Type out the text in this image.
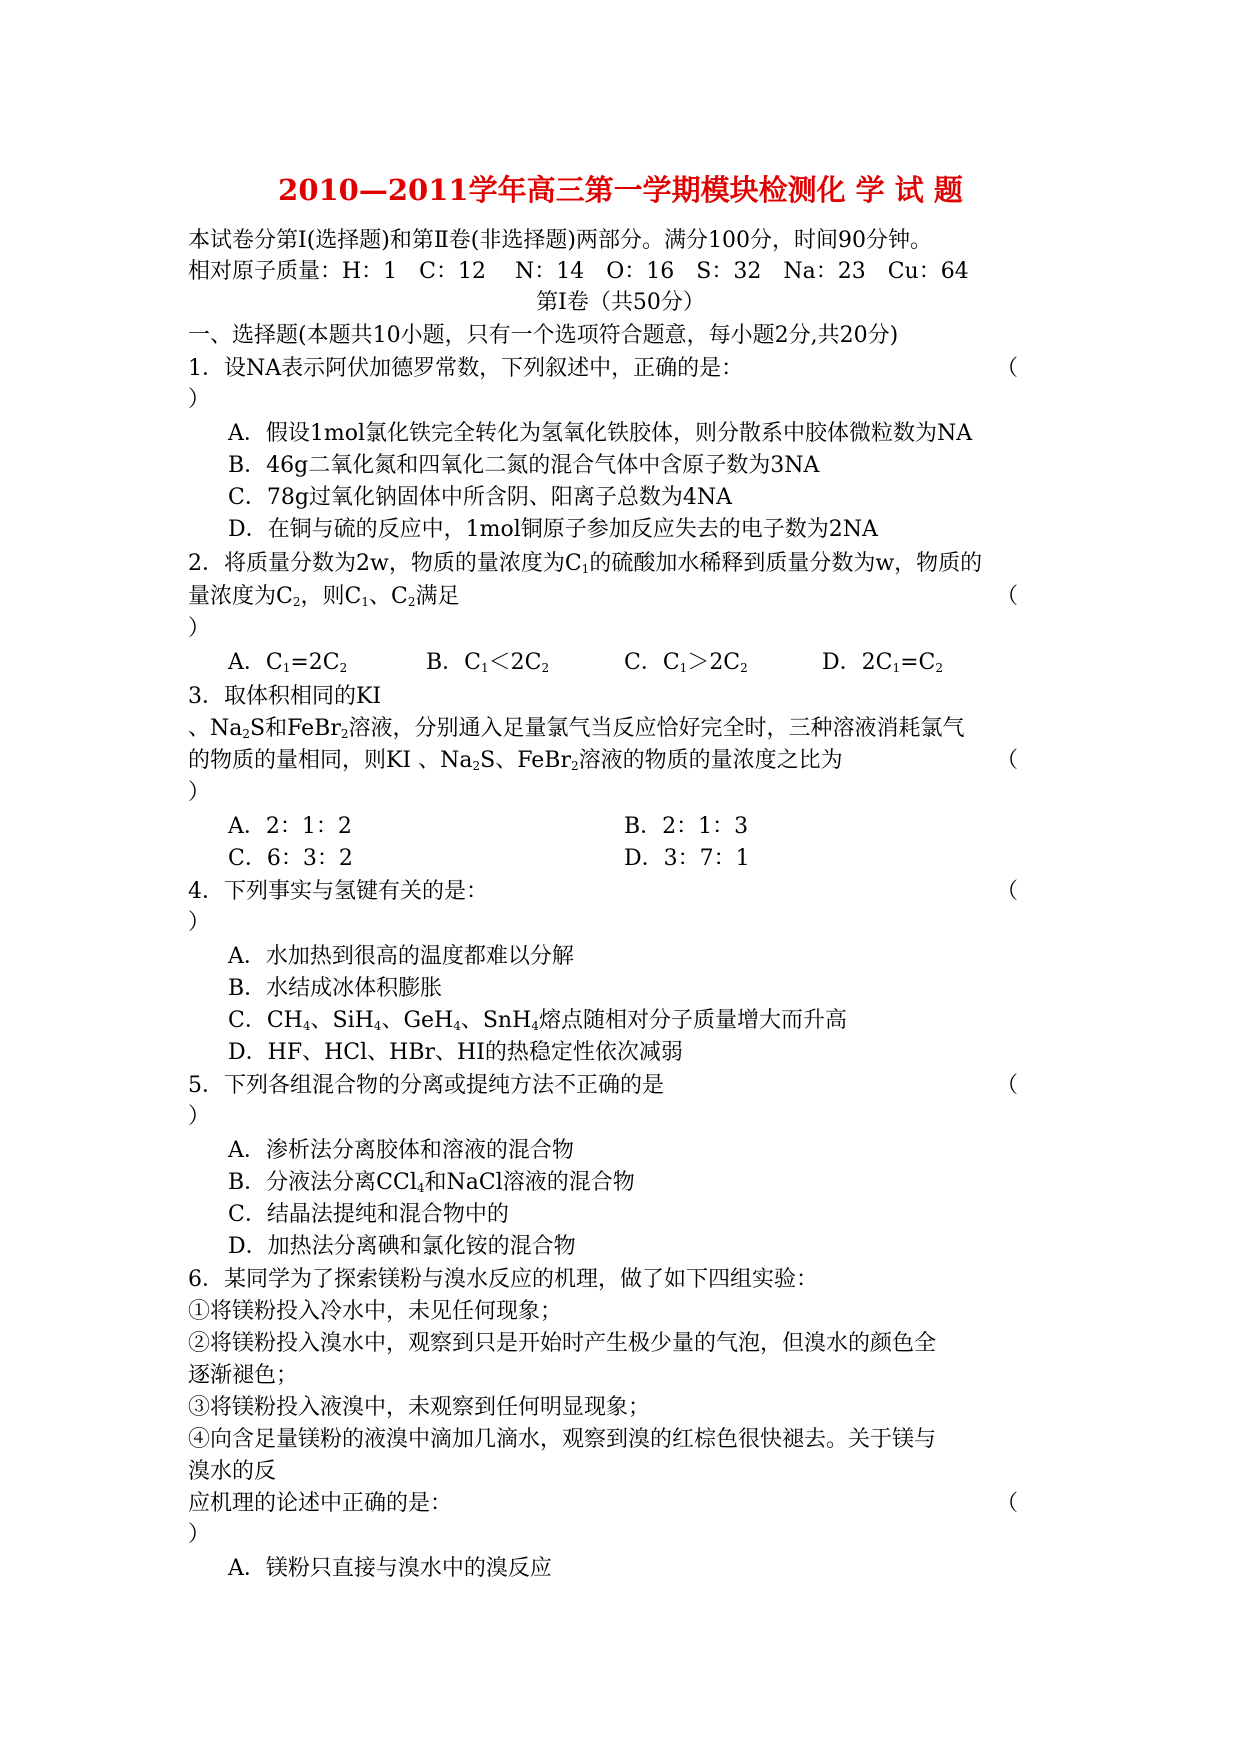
2010—2011学年高三第一学期模块检测化 学 试 题
本试卷分第Ⅰ(选择题)和第Ⅱ卷(非选择题)两部分。满分100分，时间90分钟。
相对原子质量：H：1　C：12　 N：14　O：16　S：32　Na：23　Cu：64
第Ⅰ卷（共50分）
一、选择题(本题共10小题，只有一个选项符合题意，每小题2分,共20分)
1．设NA表示阿伏加德罗常数，下列叙述中，正确的是：	（
）
A．假设1mol氯化铁完全转化为氢氧化铁胶体，则分散系中胶体微粒数为NA
B．46g二氧化氮和四氧化二氮的混合气体中含原子数为3NA
C．78g过氧化钠固体中所含阴、阳离子总数为4NA
D．在铜与硫的反应中，1mol铜原子参加反应失去的电子数为2NA
2．将质量分数为2w，物质的量浓度为$C_1$的硫酸加水稀释到质量分数为w，物质的
量浓度为$C_2$，则$C_1$、$C_2$满足	（
）
A．$C_1=2C_2$	B．$C_1<2C_2$	C．$C_1>2C_2$	D．$2C_1=C_2$
3．取体积相同的KI
、$Na_2S$和FeBr$_2$溶液，分别通入足量氯气当反应恰好完全时，三种溶液消耗氯气
的物质的量相同，则KI 、$Na_2S$、FeBr$_2$溶液的物质的量浓度之比为	（
）
A．2：1：2	B．2：1：3
C．6：3：2	D．3：7：1
4．下列事实与氢键有关的是：	（
）
A．水加热到很高的温度都难以分解
B．水结成冰体积膨胀
C．$CH_4$、SiH$_4$、GeH$_4$、SnH$_4$熔点随相对分子质量增大而升高
D．HF、HCl、HBr、HI的热稳定性依次减弱
5．下列各组混合物的分离或提纯方法不正确的是	（
）
A．渗析法分离胶体和溶液的混合物
B．分液法分离CCl$_4$和NaCl溶液的混合物
C．结晶法提纯和混合物中的
D．加热法分离碘和氯化铵的混合物
6．某同学为了探索镁粉与溴水反应的机理，做了如下四组实验：
①将镁粉投入冷水中，未见任何现象；
②将镁粉投入溴水中，观察到只是开始时产生极少量的气泡，但溴水的颜色全
逐渐褪色；
③将镁粉投入液溴中，未观察到任何明显现象；
④向含足量镁粉的液溴中滴加几滴水，观察到溴的红棕色很快褪去。关于镁与
溴水的反
应机理的论述中正确的是：	（
）
A．镁粉只直接与溴水中的溴反应
